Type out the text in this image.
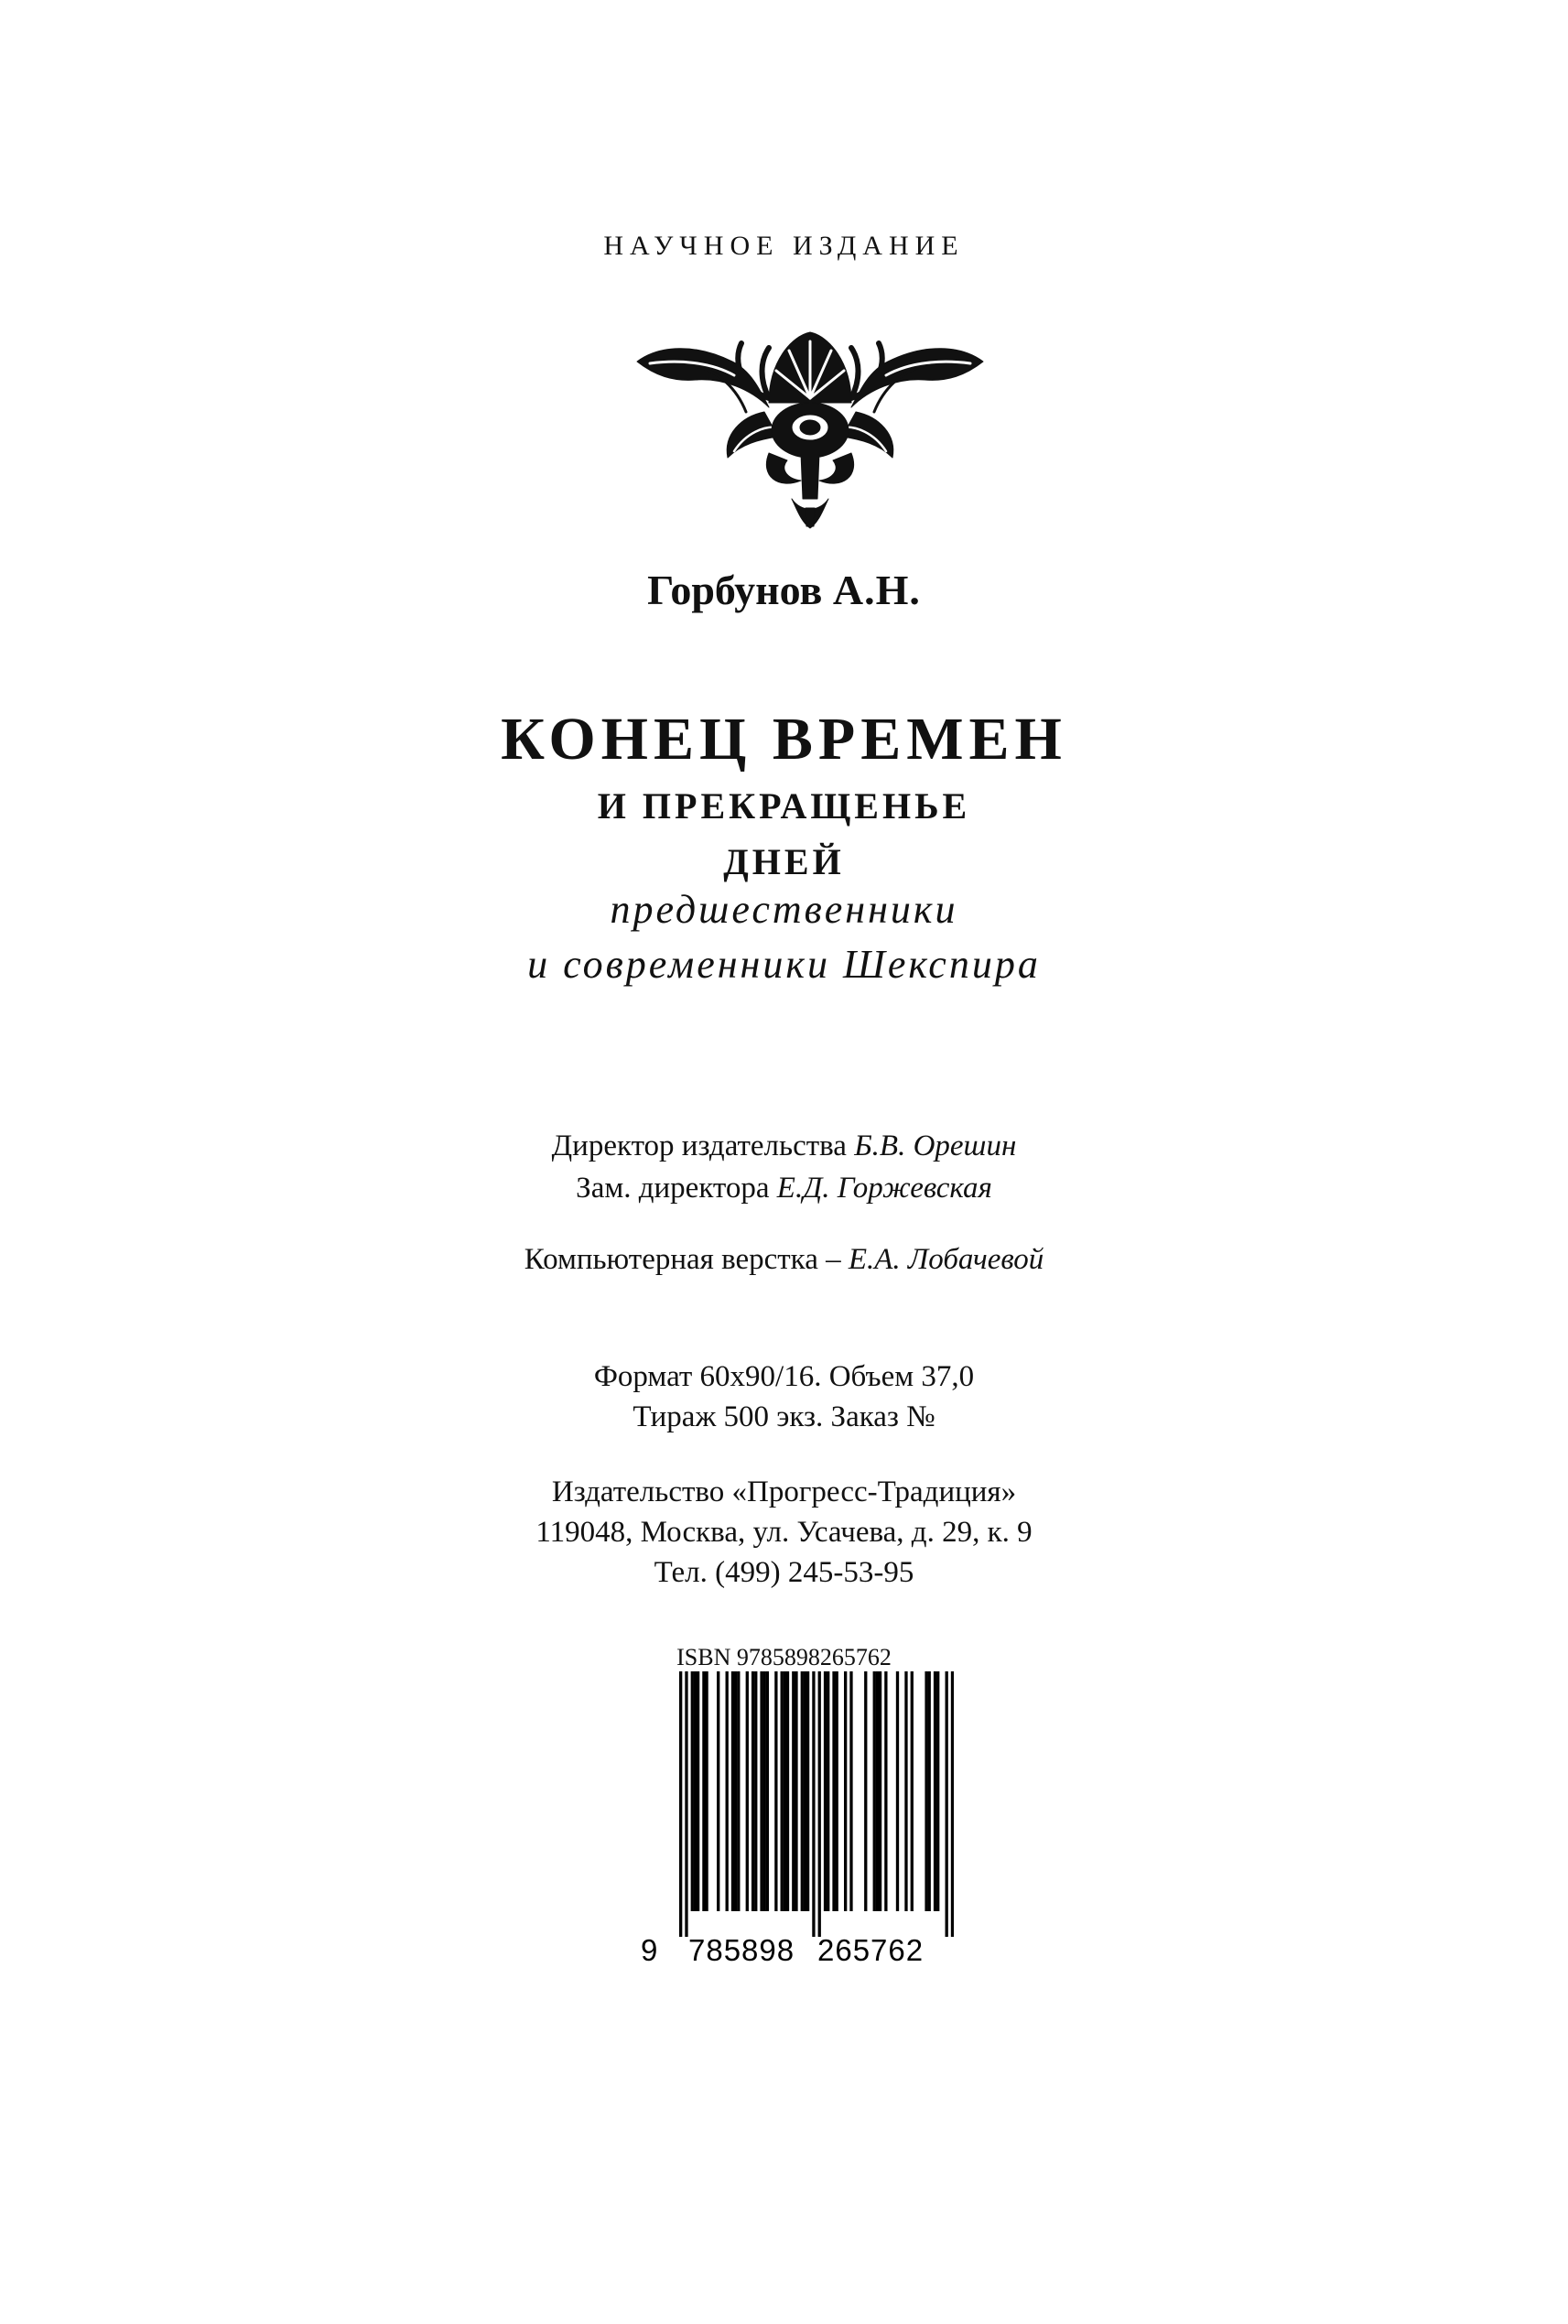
НАУЧНОЕ ИЗДАНИЕ
Горбунов А.Н.
КОНЕЦ ВРЕМЕН
И ПРЕКРАЩЕНЬЕ
ДНЕЙ
предшественники
и современники Шекспира
Директор издательства Б.В. Орешин
Зам. директора Е.Д. Горжевская
Компьютерная верстка – Е.А. Лобачевой
Формат 60x90/16. Объем 37,0
Тираж 500 экз. Заказ №
Издательство «Прогресс-Традиция»
119048, Москва, ул. Усачева, д. 29, к. 9
Тел. (499) 245-53-95
ISBN 9785898265762
9 785898 265762
